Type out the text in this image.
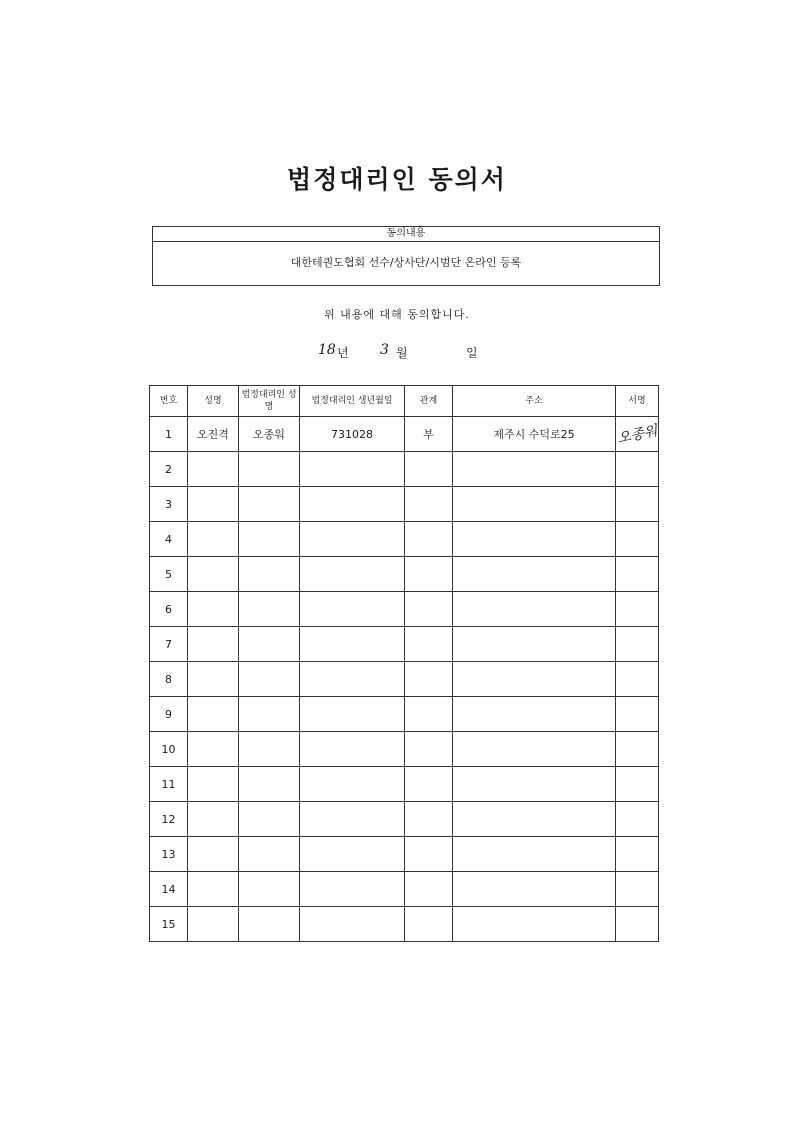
법정대리인 동의서
동의내용
대한테퀀도협회 선수/상사단/시범단 온라인 등록
위 내용에 대해 동의합니다.
18 년 3 월	일
번호	성명	법정대리인 성명	법정대리인 생년월일	관계	주소	서명
1	오진격	오종워	731028	부	제주시 수덕로25	오종워
2						
3						
4						
5						
6						
7						
8						
9						
10						
11						
12						
13						
14						
15						
